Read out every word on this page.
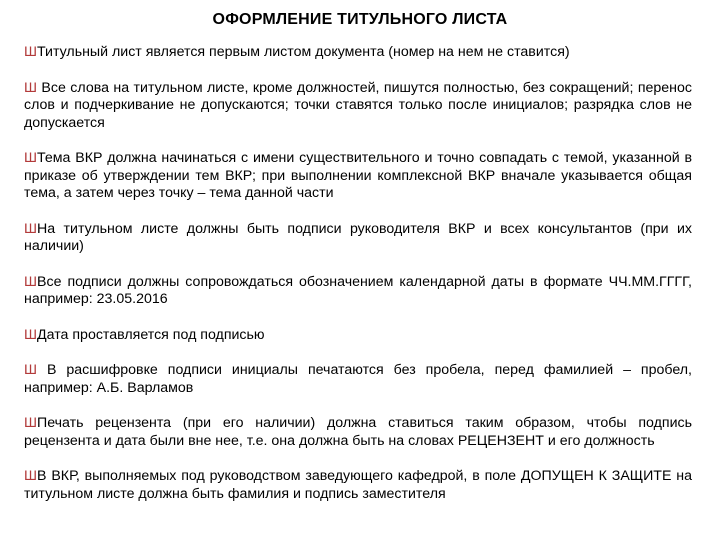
ОФОРМЛЕНИЕ ТИТУЛЬНОГО ЛИСТА
ШТитульный лист является первым листом документа (номер на нем не ставится)
Ш Все слова на титульном листе, кроме должностей, пишутся полностью, без сокращений; перенос слов и подчеркивание не допускаются; точки ставятся только после инициалов; разрядка слов не допускается
ШТема ВКР должна начинаться с имени существительного и точно совпадать с темой, указанной в приказе об утверждении тем ВКР; при выполнении комплексной ВКР вначале указывается общая тема, а затем через точку – тема данной части
ШНа титульном листе должны быть подписи руководителя ВКР и всех консультантов (при их наличии)
ШВсе подписи должны сопровождаться обозначением календарной даты в формате ЧЧ.ММ.ГГГГ, например: 23.05.2016
ШДата проставляется под подписью
Ш В расшифровке подписи инициалы печатаются без пробела, перед фамилией – пробел, например: А.Б. Варламов
ШПечать рецензента (при его наличии) должна ставиться таким образом, чтобы подпись рецензента и дата были вне нее, т.е. она должна быть на словах РЕЦЕНЗЕНТ и его должность
ШВ ВКР, выполняемых под руководством заведующего кафедрой, в поле ДОПУЩЕН К ЗАЩИТЕ на титульном листе должна быть фамилия и подпись заместителя
